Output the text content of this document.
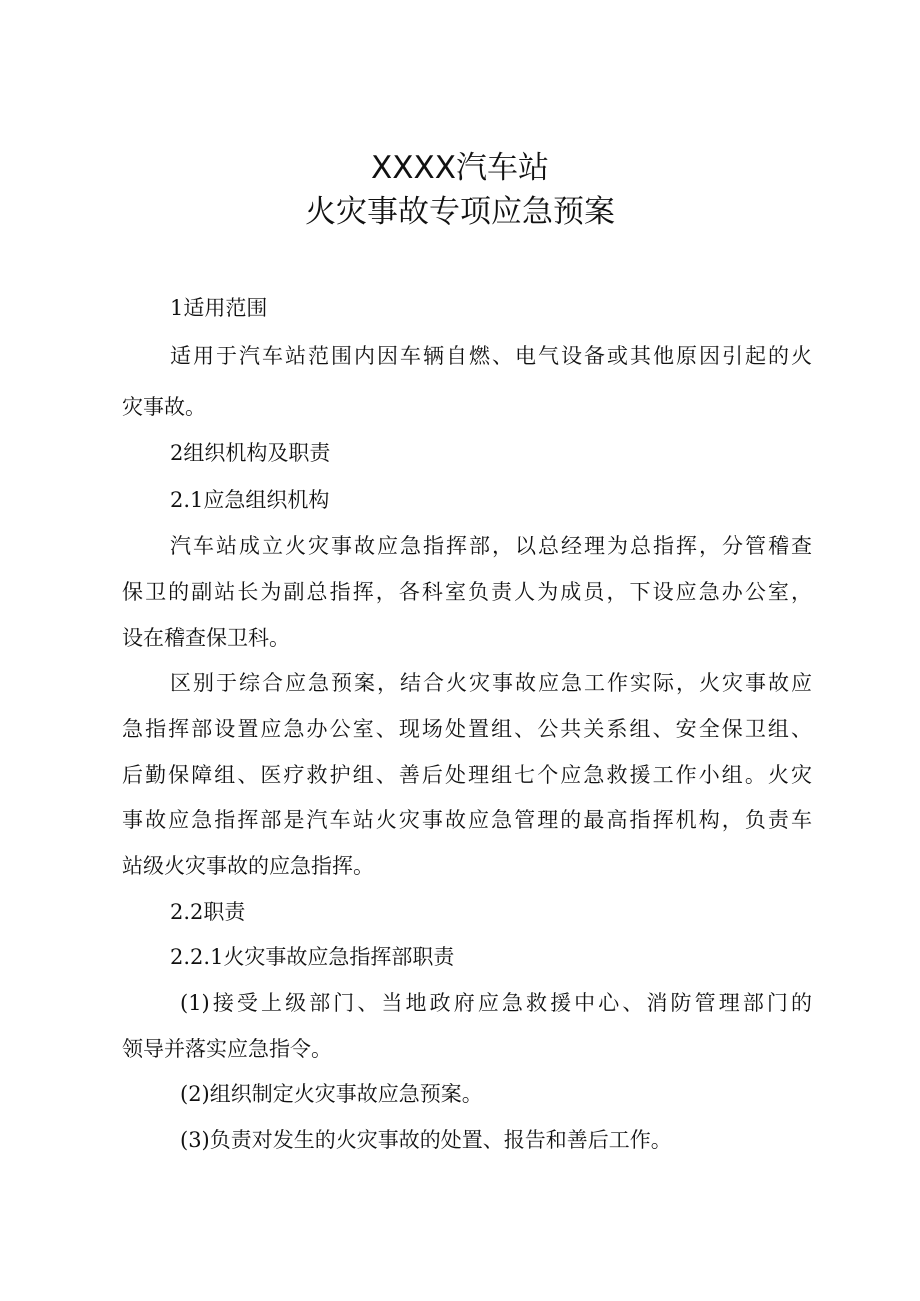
XXXX汽车站
火灾事故专项应急预案
1适用范围
适用于汽车站范围内因车辆自燃、电气设备或其他原因引起的火
灾事故。
2组织机构及职责
2.1应急组织机构
汽车站成立火灾事故应急指挥部，以总经理为总指挥，分管稽查
保卫的副站长为副总指挥，各科室负责人为成员，下设应急办公室，
设在稽查保卫科。
区别于综合应急预案，结合火灾事故应急工作实际，火灾事故应
急指挥部设置应急办公室、现场处置组、公共关系组、安全保卫组、
后勤保障组、医疗救护组、善后处理组七个应急救援工作小组。火灾
事故应急指挥部是汽车站火灾事故应急管理的最高指挥机构，负责车
站级火灾事故的应急指挥。
2.2职责
2.2.1火灾事故应急指挥部职责
(1)接受上级部门、当地政府应急救援中心、消防管理部门的
领导并落实应急指令。
(2)组织制定火灾事故应急预案。
(3)负责对发生的火灾事故的处置、报告和善后工作。
